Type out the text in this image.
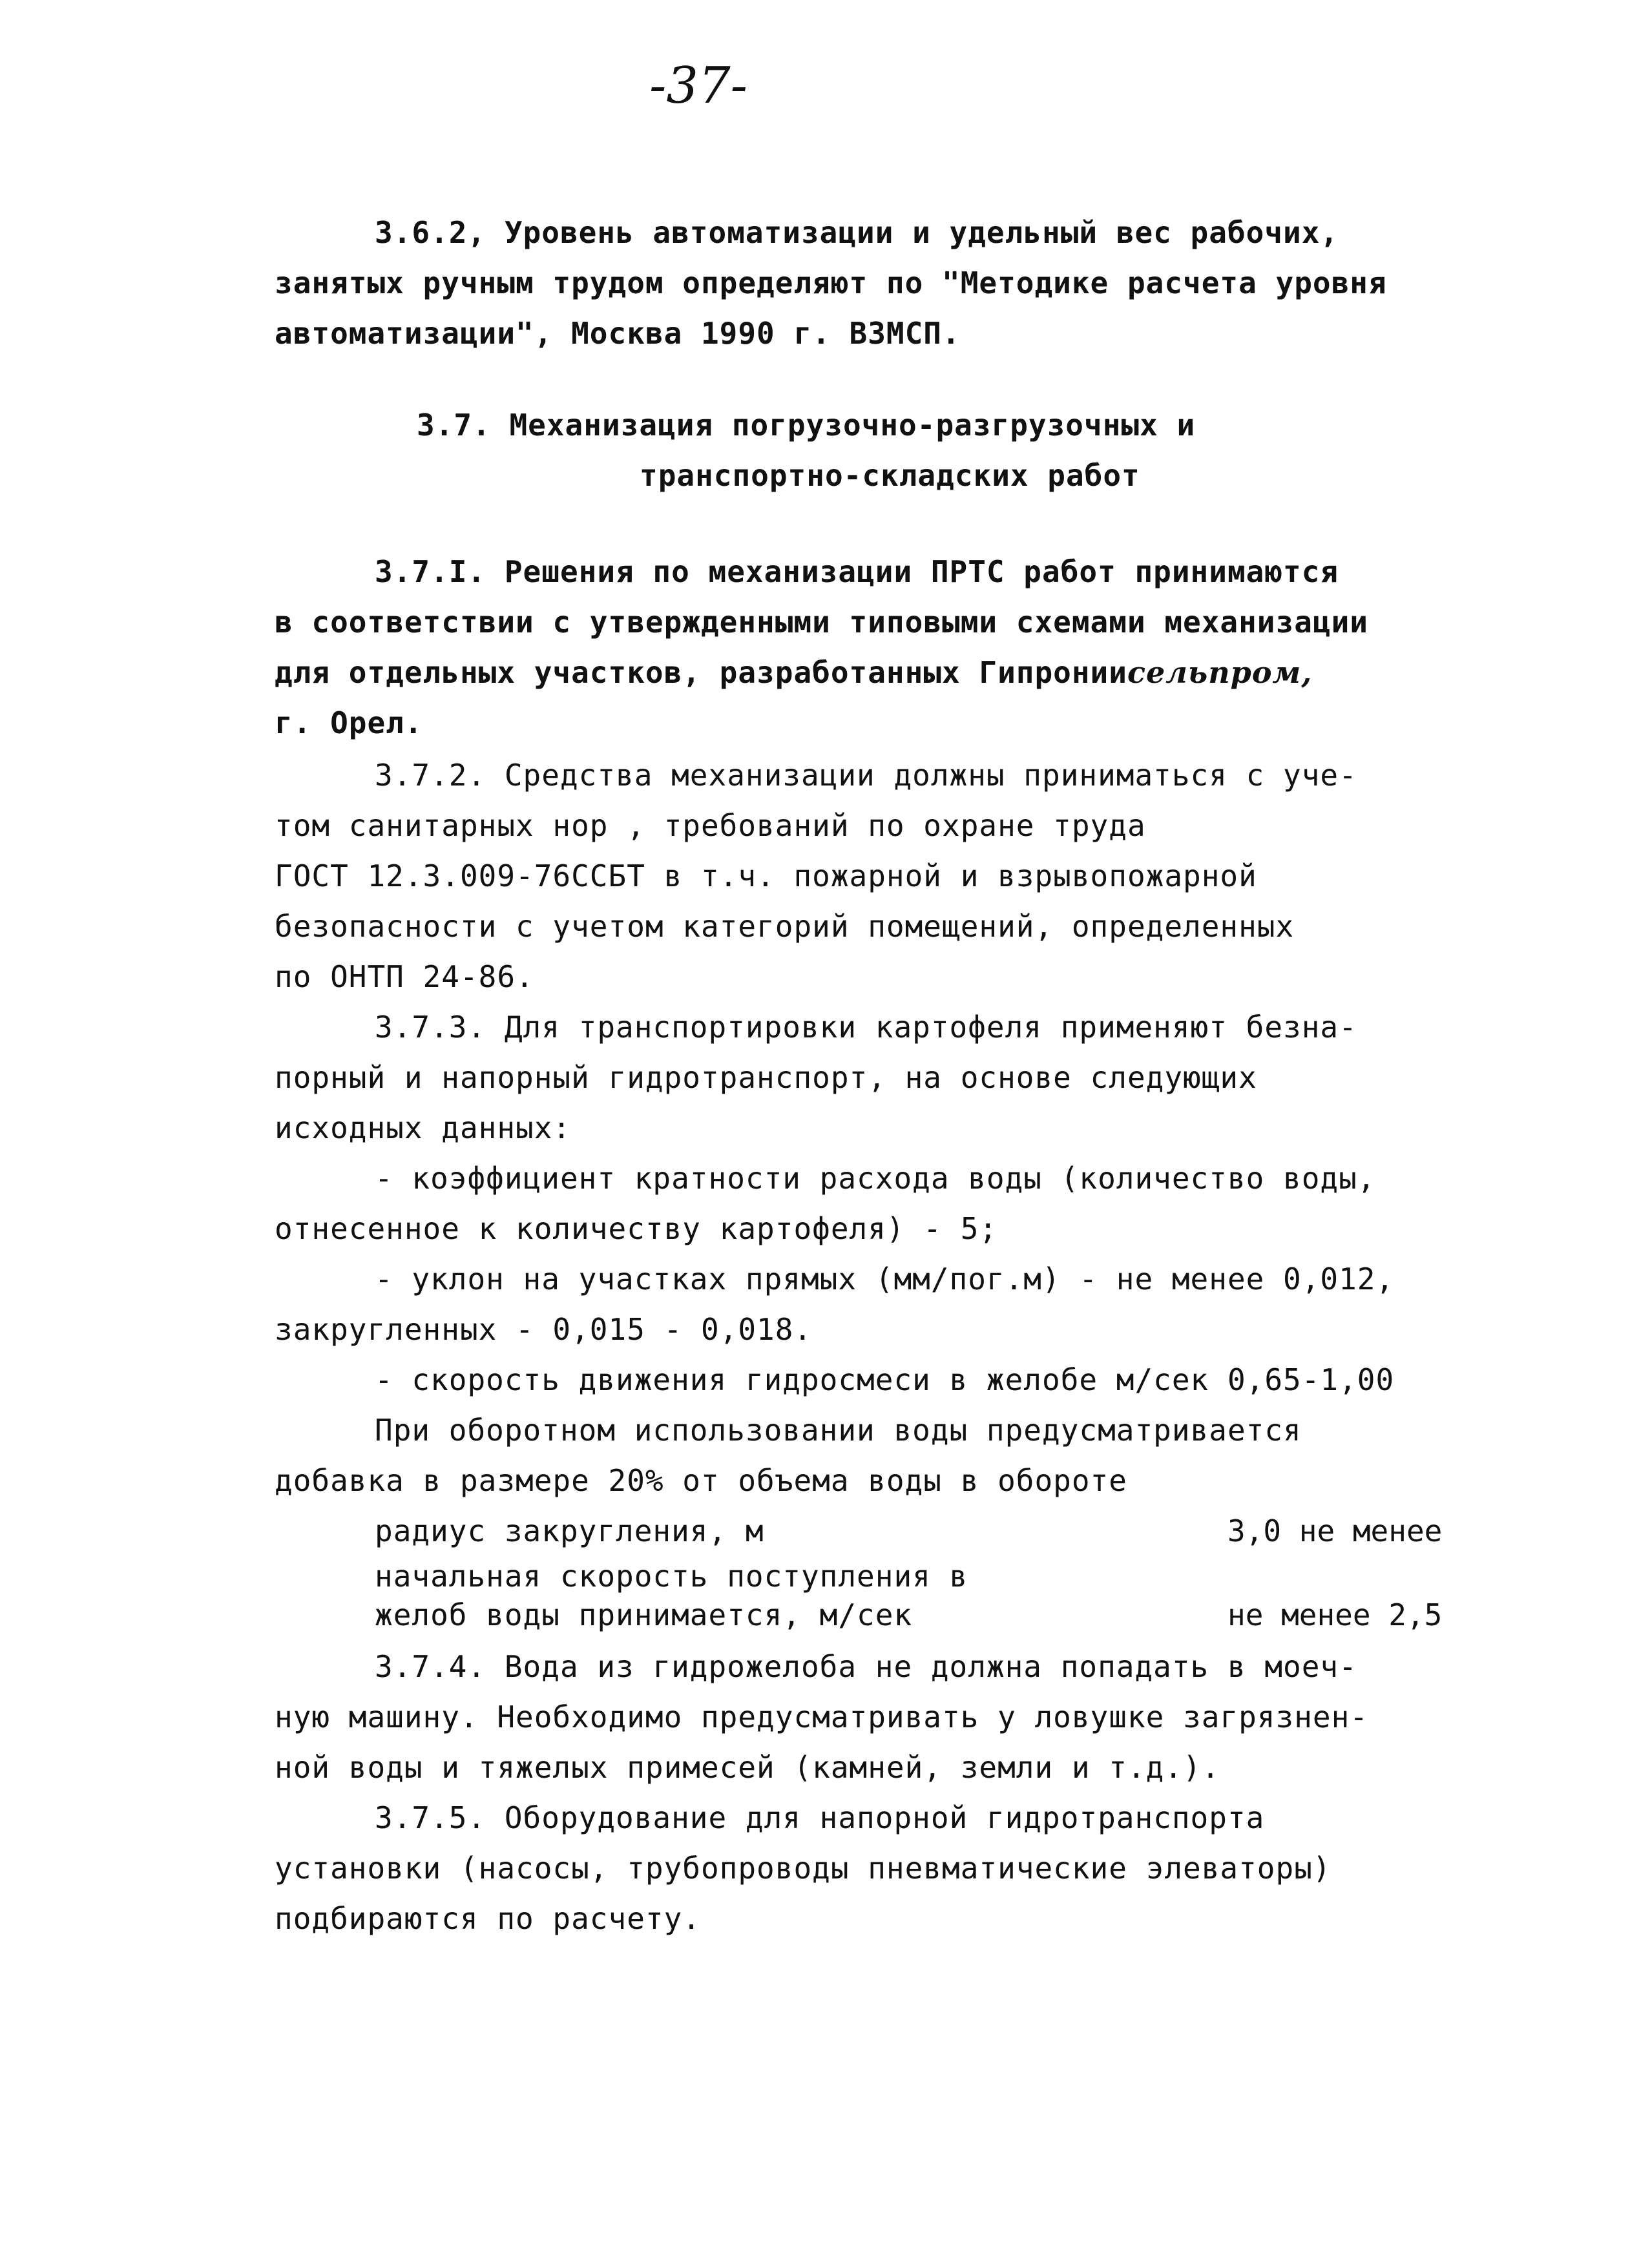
-37-
3.6.2, Уровень автоматизации и удельный вес рабочих,
занятых ручным трудом определяют по "Методике расчета уровня
автоматизации", Москва 1990 г. ВЗМСП.
3.7. Механизация погрузочно-разгрузочных и
транспортно-складских работ
3.7.I. Решения по механизации ПРТС работ принимаются
в соответствии с утвержденными типовыми схемами механизации
для отдельных участков, разработанных Гипрониисельпром,
г. Орел.
3.7.2. Средства механизации должны приниматься с уче-
том санитарных нор , требований по охране труда
ГОСТ 12.3.009-76ССБТ в т.ч. пожарной и взрывопожарной
безопасности с учетом категорий помещений, определенных
по ОНТП 24-86.
3.7.3. Для транспортировки картофеля применяют безна-
порный и напорный гидротранспорт, на основе следующих
исходных данных:
- коэффициент кратности расхода воды (количество воды,
отнесенное к количеству картофеля) - 5;
- уклон на участках прямых (мм/пог.м) - не менее 0,012,
закругленных - 0,015 - 0,018.
- скорость движения гидросмеси в желобе м/сек 0,65-1,00
При оборотном использовании воды предусматривается
добавка в размере 20% от объема воды в обороте
радиус закругления, м	3,0 не менее
начальная скорость поступления в
желоб воды принимается, м/сек	не менее 2,5
3.7.4. Вода из гидрожелоба не должна попадать в моеч-
ную машину. Необходимо предусматривать у ловушке загрязнен-
ной воды и тяжелых примесей (камней, земли и т.д.).
3.7.5. Оборудование для напорной гидротранспорта
установки (насосы, трубопроводы пневматические элеваторы)
подбираются по расчету.
